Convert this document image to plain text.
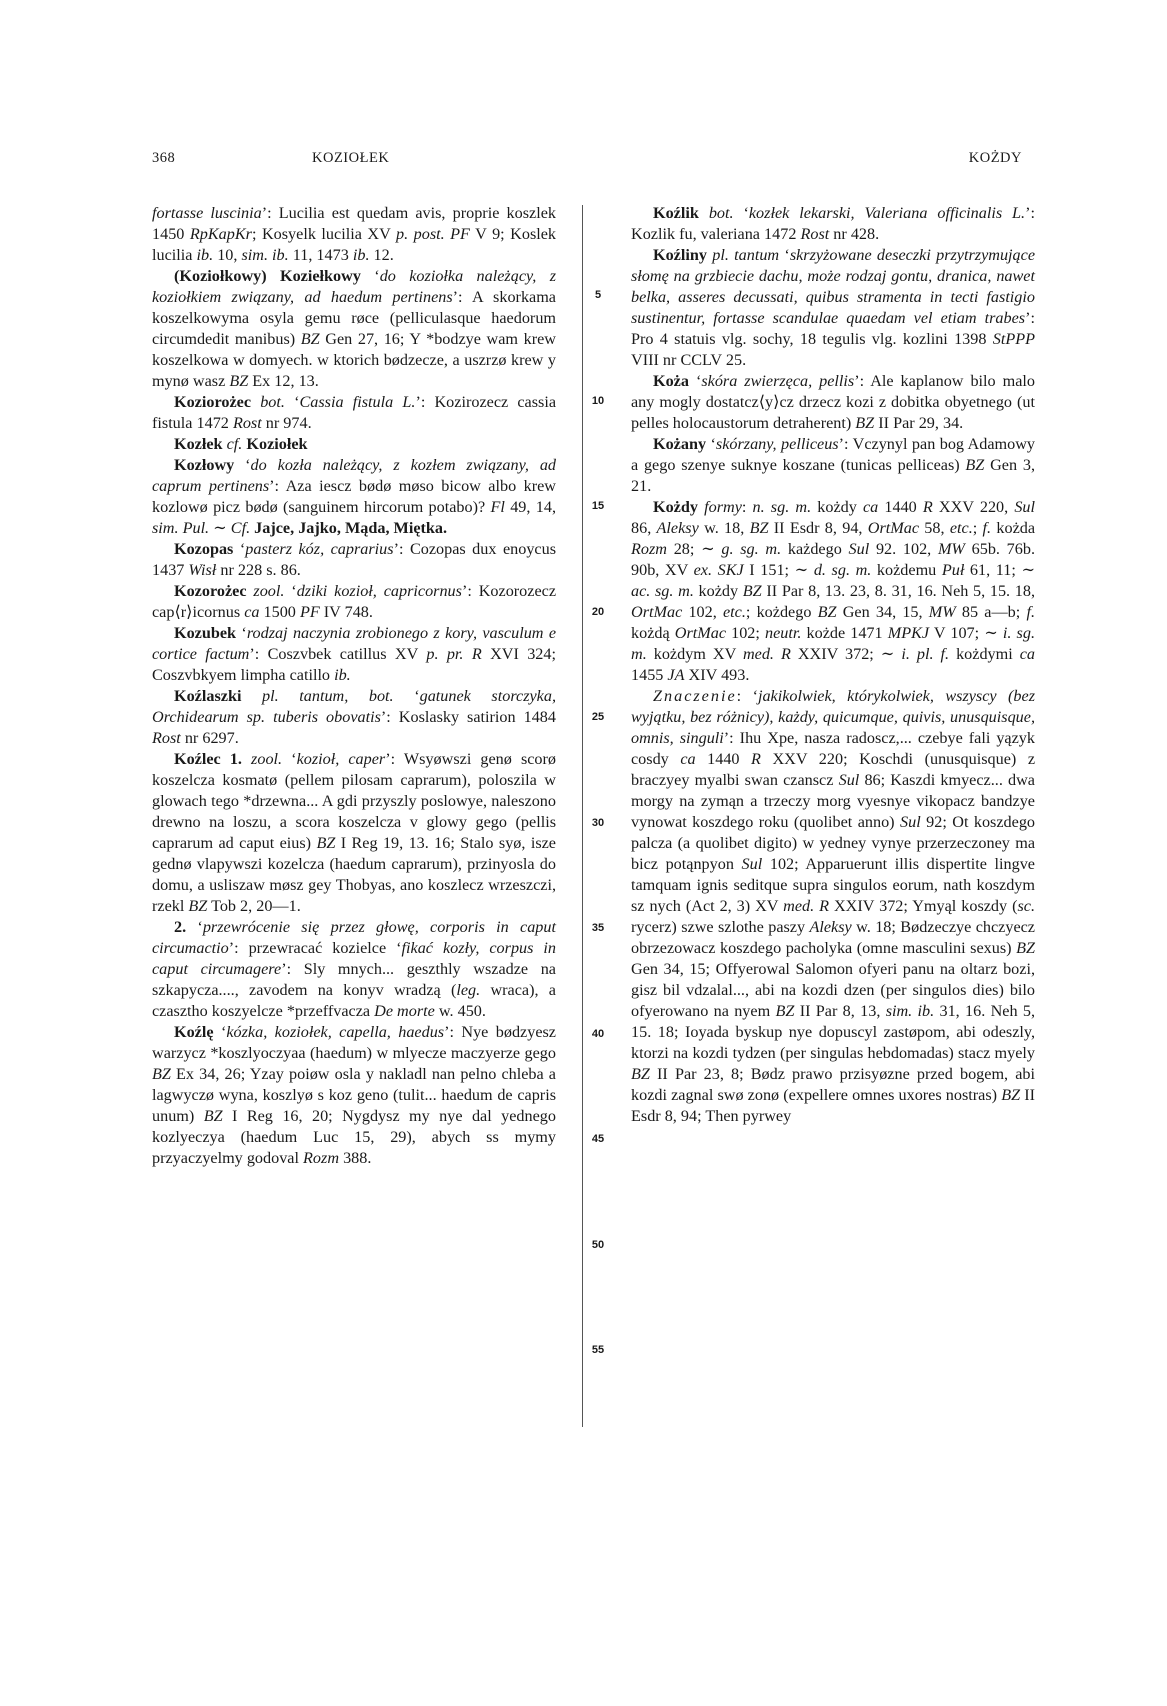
368	KOZIOŁEK	KOŻDY

fortasse luscinia’: Lucilia est quedam avis, proprie koszlek 1450 RpKapKr; Kosyelk lucilia XV p. post. PF V 9; Koslek lucilia ib. 10, sim. ib. 11, 1473 ib. 12.

(Koziołkowy) Koziełkowy ‘do koziołka należący, z koziołkiem związany, ad haedum pertinens’: A skorkama koszelkowyma osyla gemu røce (pelliculasque haedorum circumdedit manibus) BZ Gen 27, 16; Y *bodzye wam krew koszelkowa w domyech. w ktorich bødzecze, a uszrzø krew y mynø wasz BZ Ex 12, 13.

Koziorożec bot. ‘Cassia fistula L.’: Kozirozecz cassia fistula 1472 Rost nr 974.

Kozłek cf. Koziołek

Kozłowy ‘do kozła należący, z kozłem związany, ad caprum pertinens’: Aza iescz bødø møso bicow albo krew kozlowø picz bødø (sanguinem hircorum potabo)? Fl 49, 14, sim. Pul. ∼ Cf. Jajce, Jajko, Mąda, Miętka.

Kozopas ‘pasterz kóz, caprarius’: Cozopas dux enoycus 1437 Wisł nr 228 s. 86.

Kozorożec zool. ‘dziki kozioł, capricornus’: Kozorozecz cap⟨r⟩icornus ca 1500 PF IV 748.

Kozubek ‘rodzaj naczynia zrobionego z kory, vasculum e cortice factum’: Coszvbek catillus XV p. pr. R XVI 324; Coszvbkyem limpha catillo ib.

Koźlaszki pl. tantum, bot. ‘gatunek storczyka, Orchidearum sp. tuberis obovatis’: Koslasky satirion 1484 Rost nr 6297.

Koźlec 1. zool. ‘kozioł, caper’: Wsyøwszi genø scorø koszelcza kosmatø (pellem pilosam caprarum), poloszila w glowach tego *drzewna... A gdi przyszly poslowye, naleszono drewno na loszu, a scora koszelcza v glowy gego (pellis caprarum ad caput eius) BZ I Reg 19, 13. 16; Stalo syø, isze gednø vlapywszi kozelcza (haedum caprarum), przinyosla do domu, a usliszaw møsz gey Thobyas, ano koszlecz wrzeszczi, rzekl BZ Tob 2, 20—1.

2. ‘przewrócenie się przez głowę, corporis in caput circumactio’: przewracać kozielce ‘fikać kozły, corpus in caput circumagere’: Sly mnych... geszthly wszadze na szkapycza...., zavodem na konyv wradzą (leg. wraca), a czasztho koszyelcze *przeffvacza De morte w. 450.

Koźlę ‘kózka, koziołek, capella, haedus’: Nye bødzyesz warzycz *koszlyoczyaa (haedum) w mlyecze maczyerze gego BZ Ex 34, 26; Yzay poiøw osla y nakladl nan pelno chleba a lagwyczø wyna, koszlyø s koz geno (tulit... haedum de capris unum) BZ I Reg 16, 20; Nygdysz my nye dal yednego kozlyeczya (haedum Luc 15, 29), abych ss mymy przyaczyelmy godoval Rozm 388.

5
10
15
20
25
30
35
40
45
50
55

Koźlik bot. ‘kozłek lekarski, Valeriana officinalis L.’: Kozlik fu, valeriana 1472 Rost nr 428.

Koźliny pl. tantum ‘skrzyżowane deseczki przytrzymujące słomę na grzbiecie dachu, może rodzaj gontu, dranica, nawet belka, asseres decussati, quibus stramenta in tecti fastigio sustinentur, fortasse scandulae quaedam vel etiam trabes’: Pro 4 statuis vlg. sochy, 18 tegulis vlg. kozlini 1398 StPPP VIII nr CCLV 25.

Koża ‘skóra zwierzęca, pellis’: Ale kaplanow bilo malo any mogly dostatcz⟨y⟩cz drzecz kozi z dobitka obyetnego (ut pelles holocaustorum detraherent) BZ II Par 29, 34.

Kożany ‘skórzany, pelliceus’: Vczynyl pan bog Adamowy a gego szenye suknye koszane (tunicas pelliceas) BZ Gen 3, 21.

Kożdy formy: n. sg. m. kożdy ca 1440 R XXV 220, Sul 86, Aleksy w. 18, BZ II Esdr 8, 94, OrtMac 58, etc.; f. kożda Rozm 28; ∼ g. sg. m. każdego Sul 92. 102, MW 65b. 76b. 90b, XV ex. SKJ I 151; ∼ d. sg. m. kożdemu Puł 61, 11; ∼ ac. sg. m. kożdy BZ II Par 8, 13. 23, 8. 31, 16. Neh 5, 15. 18, OrtMac 102, etc.; kożdego BZ Gen 34, 15, MW 85 a—b; f. kożdą OrtMac 102; neutr. kożde 1471 MPKJ V 107; ∼ i. sg. m. kożdym XV med. R XXIV 372; ∼ i. pl. f. kożdymi ca 1455 JA XIV 493.

Znaczenie: ‘jakikolwiek, którykolwiek, wszyscy (bez wyjątku, bez różnicy), każdy, quicumque, quivis, unusquisque, omnis, singuli’: Ihu Xpe, nasza radoscz,... czebye fali yązyk cosdy ca 1440 R XXV 220; Koschdi (unusquisque) z braczyey myalbi swan czanscz Sul 86; Kaszdi kmyecz... dwa morgy na zymąn a trzeczy morg vyesnye vikopacz bandzye vynowat koszdego roku (quolibet anno) Sul 92; Ot koszdego palcza (a quolibet digito) w yedney vynye przerzeczoney ma bicz potąnpyon Sul 102; Apparuerunt illis dispertite lingve tamquam ignis seditque supra singulos eorum, nath koszdym sz nych (Act 2, 3) XV med. R XXIV 372; Ymyąl koszdy (sc. rycerz) szwe szlothe paszy Aleksy w. 18; Bødzeczye chczyecz obrzezowacz koszdego pacholyka (omne masculini sexus) BZ Gen 34, 15; Offyerowal Salomon ofyeri panu na oltarz bozi, gisz bil vdzalal..., abi na kozdi dzen (per singulos dies) bilo ofyerowano na nyem BZ II Par 8, 13, sim. ib. 31, 16. Neh 5, 15. 18; Ioyada byskup nye dopuscyl zastøpom, abi odeszly, ktorzi na kozdi tydzen (per singulas hebdomadas) stacz myely BZ II Par 23, 8; Bødz prawo przisyøzne przed bogem, abi kozdi zagnal swø zonø (expellere omnes uxores nostras) BZ II Esdr 8, 94; Then pyrwey
